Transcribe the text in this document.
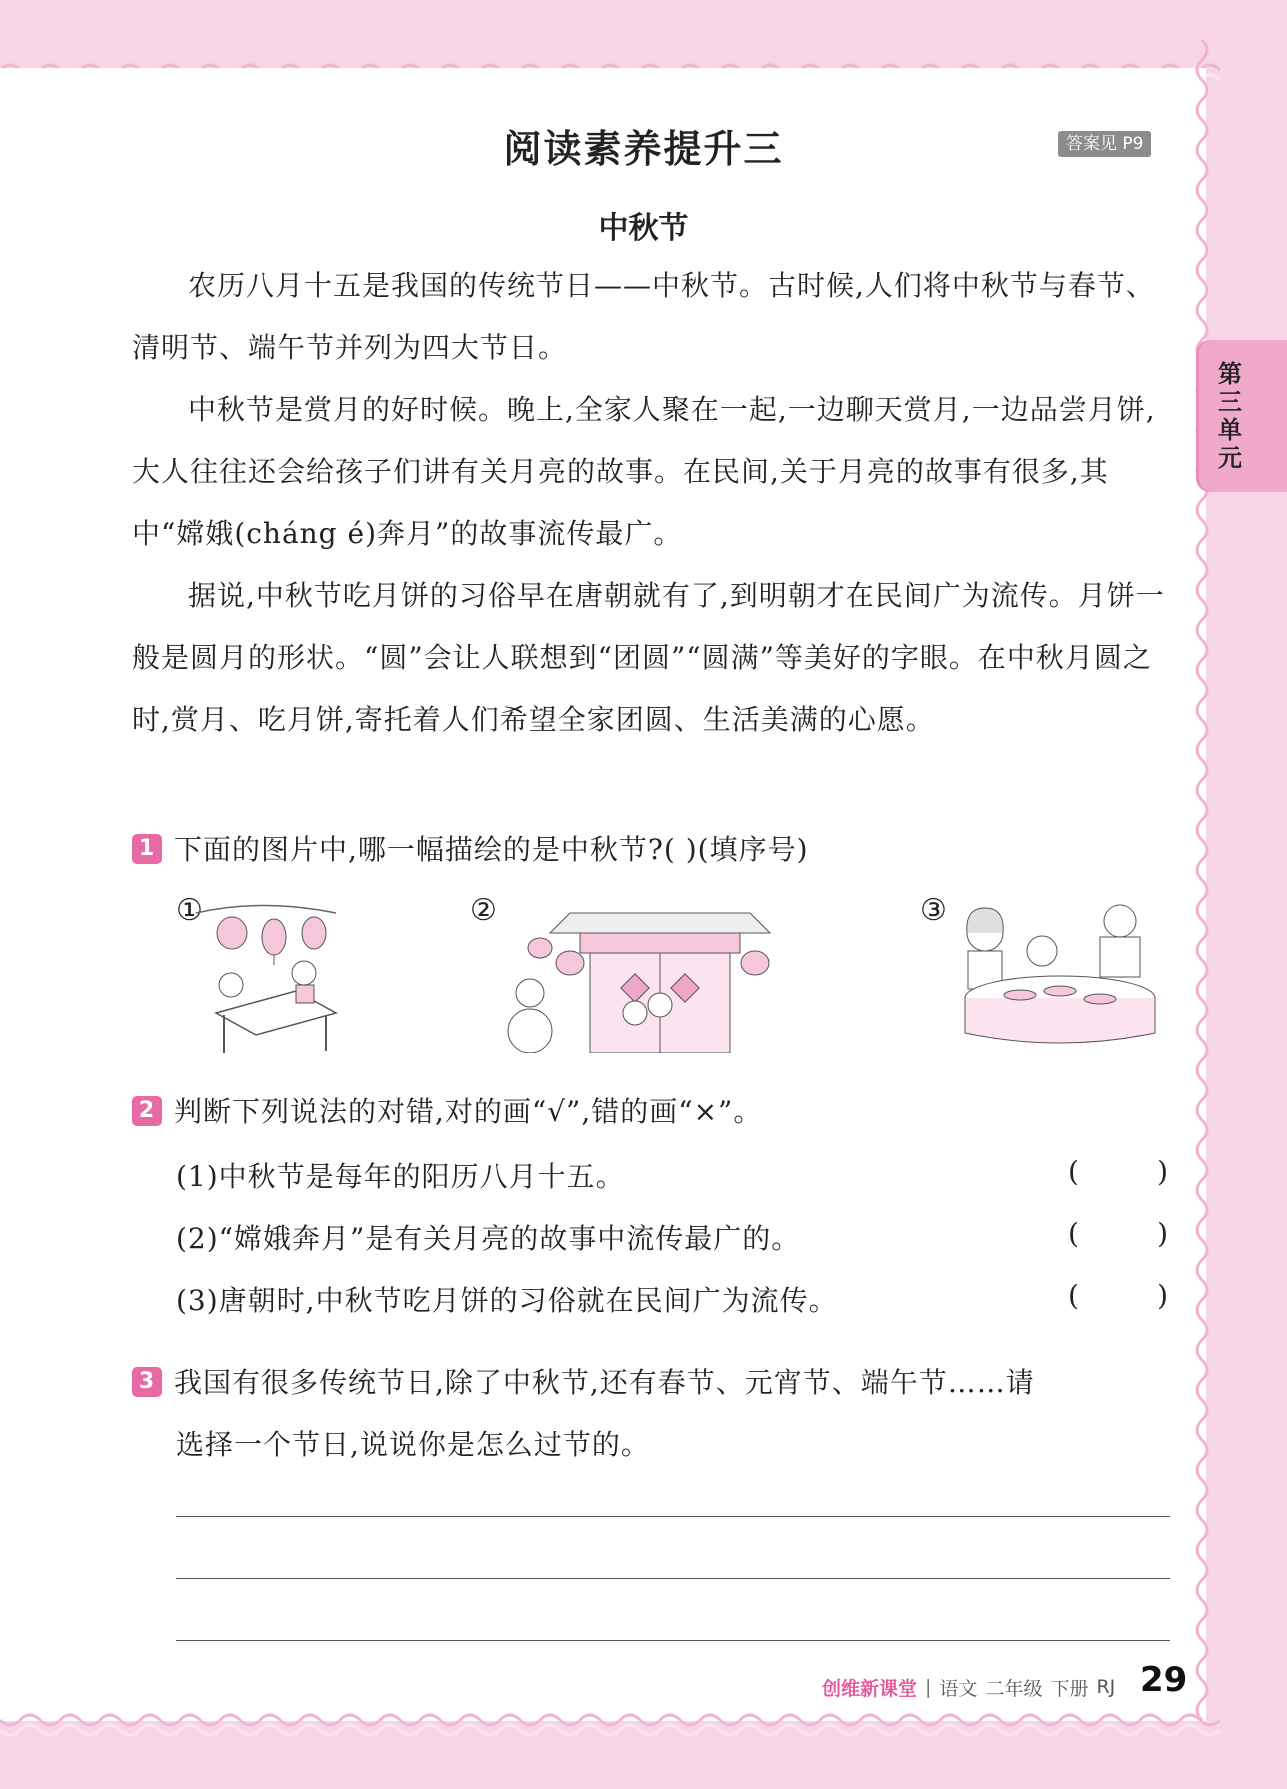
阅读素养提升三	答案见 P9
第三单元
中秋节

农历八月十五是我国的传统节日——中秋节。古时候,人们将中秋节与春节、清明节、端午节并列为四大节日。

中秋节是赏月的好时候。晚上,全家人聚在一起,一边聊天赏月,一边品尝月饼,大人往往还会给孩子们讲有关月亮的故事。在民间,关于月亮的故事有很多,其中“嫦娥(cháng é)奔月”的故事流传最广。

据说,中秋节吃月饼的习俗早在唐朝就有了,到明朝才在民间广为流传。月饼一般是圆月的形状。“圆”会让人联想到“团圆”“圆满”等美好的字眼。在中秋月圆之时,赏月、吃月饼,寄托着人们希望全家团圆、生活美满的心愿。

1 下面的图片中,哪一幅描绘的是中秋节?( )(填序号)
①	②	③
2 判断下列说法的对错,对的画“√”,错的画“×”。
(1)中秋节是每年的阳历八月十五。	(	)
(2)“嫦娥奔月”是有关月亮的故事中流传最广的。	(	)
(3)唐朝时,中秋节吃月饼的习俗就在民间广为流传。	(	)
3 我国有很多传统节日,除了中秋节,还有春节、元宵节、端午节……请
选择一个节日,说说你是怎么过节的。
创维新课堂 | 语文 二年级 下册 RJ 29
